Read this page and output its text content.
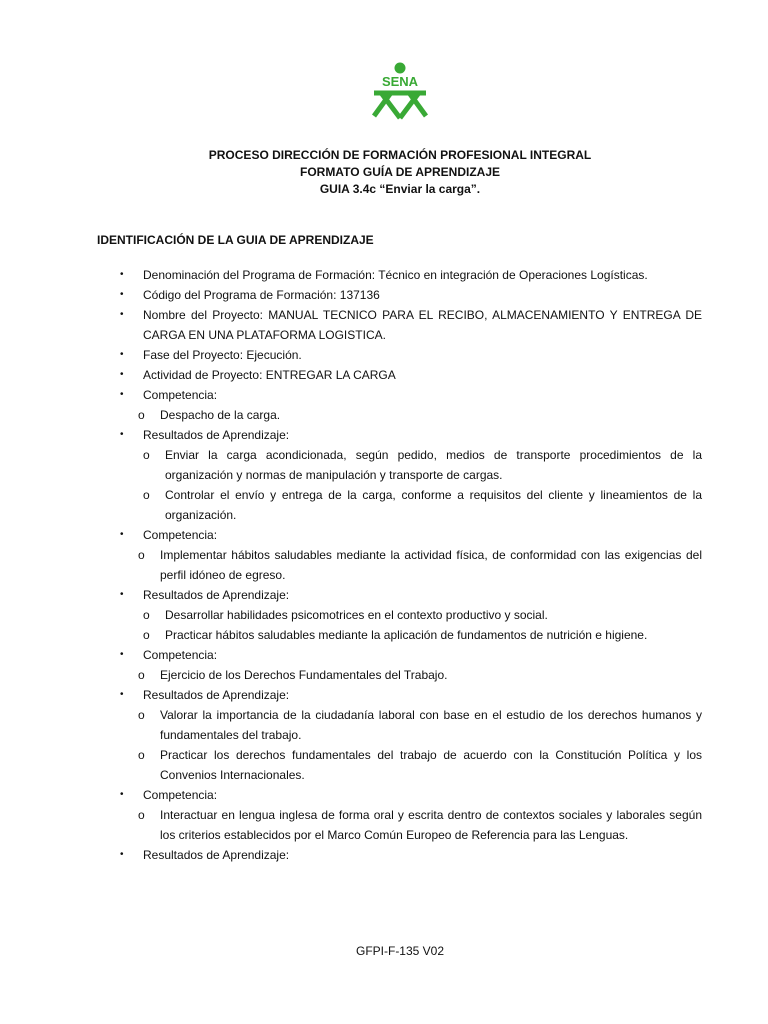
SENA
PROCESO DIRECCIÓN DE FORMACIÓN PROFESIONAL INTEGRAL
FORMATO GUÍA DE APRENDIZAJE
GUIA 3.4c “Enviar la carga”.
IDENTIFICACIÓN DE LA GUIA DE APRENDIZAJE
• Denominación del Programa de Formación: Técnico en integración de Operaciones Logísticas.
• Código del Programa de Formación: 137136
• Nombre del Proyecto: MANUAL TECNICO PARA EL RECIBO, ALMACENAMIENTO Y ENTREGA DE CARGA EN UNA PLATAFORMA LOGISTICA.
• Fase del Proyecto: Ejecución.
• Actividad de Proyecto: ENTREGAR LA CARGA
• Competencia:
o Despacho de la carga.
• Resultados de Aprendizaje:
o Enviar la carga acondicionada, según pedido, medios de transporte procedimientos de la organización y normas de manipulación y transporte de cargas.
o Controlar el envío y entrega de la carga, conforme a requisitos del cliente y lineamientos de la organización.
• Competencia:
o Implementar hábitos saludables mediante la actividad física, de conformidad con las exigencias del perfil idóneo de egreso.
• Resultados de Aprendizaje:
o Desarrollar habilidades psicomotrices en el contexto productivo y social.
o Practicar hábitos saludables mediante la aplicación de fundamentos de nutrición e higiene.
• Competencia:
o Ejercicio de los Derechos Fundamentales del Trabajo.
• Resultados de Aprendizaje:
o Valorar la importancia de la ciudadanía laboral con base en el estudio de los derechos humanos y fundamentales del trabajo.
o Practicar los derechos fundamentales del trabajo de acuerdo con la Constitución Política y los Convenios Internacionales.
• Competencia:
o Interactuar en lengua inglesa de forma oral y escrita dentro de contextos sociales y laborales según los criterios establecidos por el Marco Común Europeo de Referencia para las Lenguas.
• Resultados de Aprendizaje:
GFPI-F-135 V02
